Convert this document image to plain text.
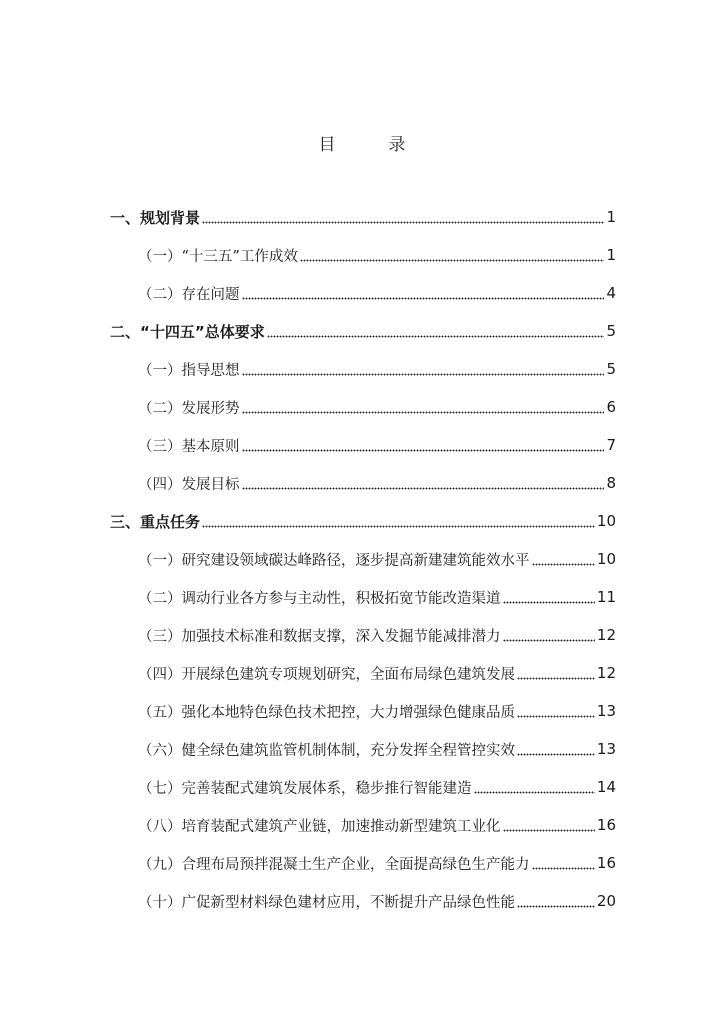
目　录
一、规划背景	1
（一）“十三五”工作成效	1
（二）存在问题	4
二、“十四五”总体要求	5
（一）指导思想	5
（二）发展形势	6
（三）基本原则	7
（四）发展目标	8
三、重点任务	10
（一）研究建设领域碳达峰路径，逐步提高新建建筑能效水平	10
（二）调动行业各方参与主动性，积极拓宽节能改造渠道	11
（三）加强技术标准和数据支撑，深入发掘节能减排潜力	12
（四）开展绿色建筑专项规划研究，全面布局绿色建筑发展	12
（五）强化本地特色绿色技术把控，大力增强绿色健康品质	13
（六）健全绿色建筑监管机制体制，充分发挥全程管控实效	13
（七）完善装配式建筑发展体系，稳步推行智能建造	14
（八）培育装配式建筑产业链，加速推动新型建筑工业化	16
（九）合理布局预拌混凝土生产企业，全面提高绿色生产能力	16
（十）广促新型材料绿色建材应用，不断提升产品绿色性能	20
